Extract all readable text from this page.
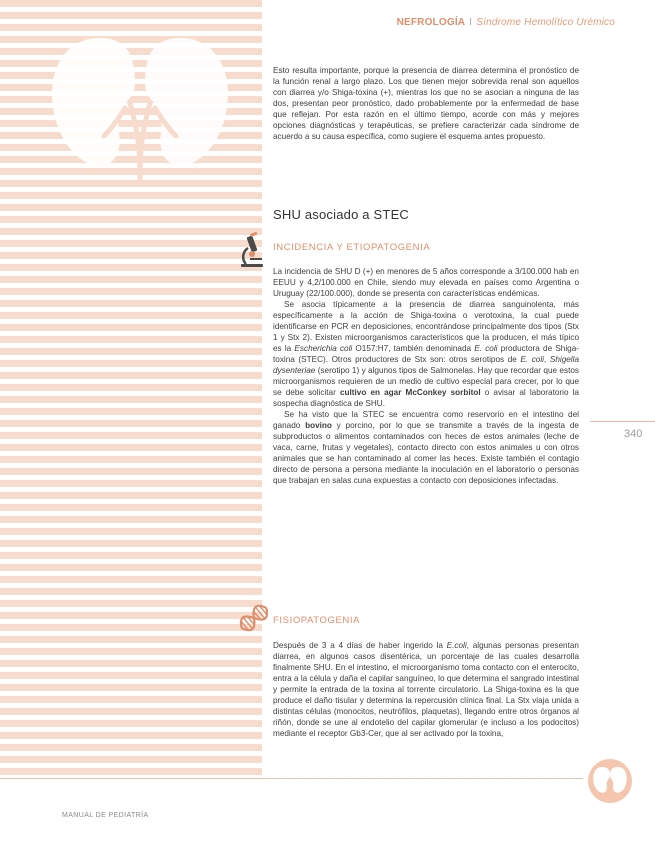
NEFROLOGÍA I Síndrome Hemolítico Urémico

Esto resulta importante, porque la presencia de diarrea determina el pronóstico de la función renal a largo plazo. Los que tienen mejor sobrevida renal son aquellos con diarrea y/o Shiga-toxina (+), mientras los que no se asocian a ninguna de las dos, presentan peor pronóstico, dado probablemente por la enfermedad de base que reflejan. Por esta razón en el último tiempo, acorde con más y mejores opciones diagnósticas y terapéuticas, se prefiere caracterizar cada síndrome de acuerdo a su causa específica, como sugiere el esquema antes propuesto.

SHU asociado a STEC
INCIDENCIA Y ETIOPATOGENIA

La incidencia de SHU D (+) en menores de 5 años corresponde a 3/100.000 hab en EEUU y 4,2/100.000 en Chile, siendo muy elevada en países como Argentina o Uruguay (22/100.000), donde se presenta con características endémicas.

Se asocia típicamente a la presencia de diarrea sanguinolenta, más específicamente a la acción de Shiga-toxina o verotoxina, la cual puede identificarse en PCR en deposiciones, encontrándose principalmente dos tipos (Stx 1 y Stx 2). Existen microorganismos característicos que la producen, el más típico es la Escherichia coli O157:H7, también denominada E. coli productora de Shiga-toxina (STEC). Otros productores de Stx son: otros serotipos de E. coli, Shigella dysenteriae (serotipo 1) y algunos tipos de Salmonelas. Hay que recordar que estos microorganismos requieren de un medio de cultivo especial para crecer, por lo que se debe solicitar cultivo en agar McConkey sorbitol o avisar al laboratorio la sospecha diagnóstica de SHU.

Se ha visto que la STEC se encuentra como reservorio en el intestino del ganado bovino y porcino, por lo que se transmite a través de la ingesta de subproductos o alimentos contaminados con heces de estos animales (leche de vaca, carne, frutas y vegetales), contacto directo con estos animales u con otros animales que se han contaminado al comer las heces. Existe también el contagio directo de persona a persona mediante la inoculación en el laboratorio o personas que trabajan en salas cuna expuestas a contacto con deposiciones infectadas.

FISIOPATOGENIA

Después de 3 a 4 días de haber ingerido la E.coli, algunas personas presentan diarrea, en algunos casos disentérica, un porcentaje de las cuales desarrolla finalmente SHU. En el intestino, el microorganismo toma contacto con el enterocito, entra a la célula y daña el capilar sanguíneo, lo que determina el sangrado intestinal y permite la entrada de la toxina al torrente circulatorio. La Shiga-toxina es la que produce el daño tisular y determina la repercusión clínica final. La Stx viaja unida a distintas células (monocitos, neutrófilos, plaquetas), llegando entre otros órganos al riñón, donde se une al endotelio del capilar glomerular (e incluso a los podocitos) mediante el receptor Gb3-Cer, que al ser activado por la toxina,

340
MANUAL DE PEDIATRÍA
